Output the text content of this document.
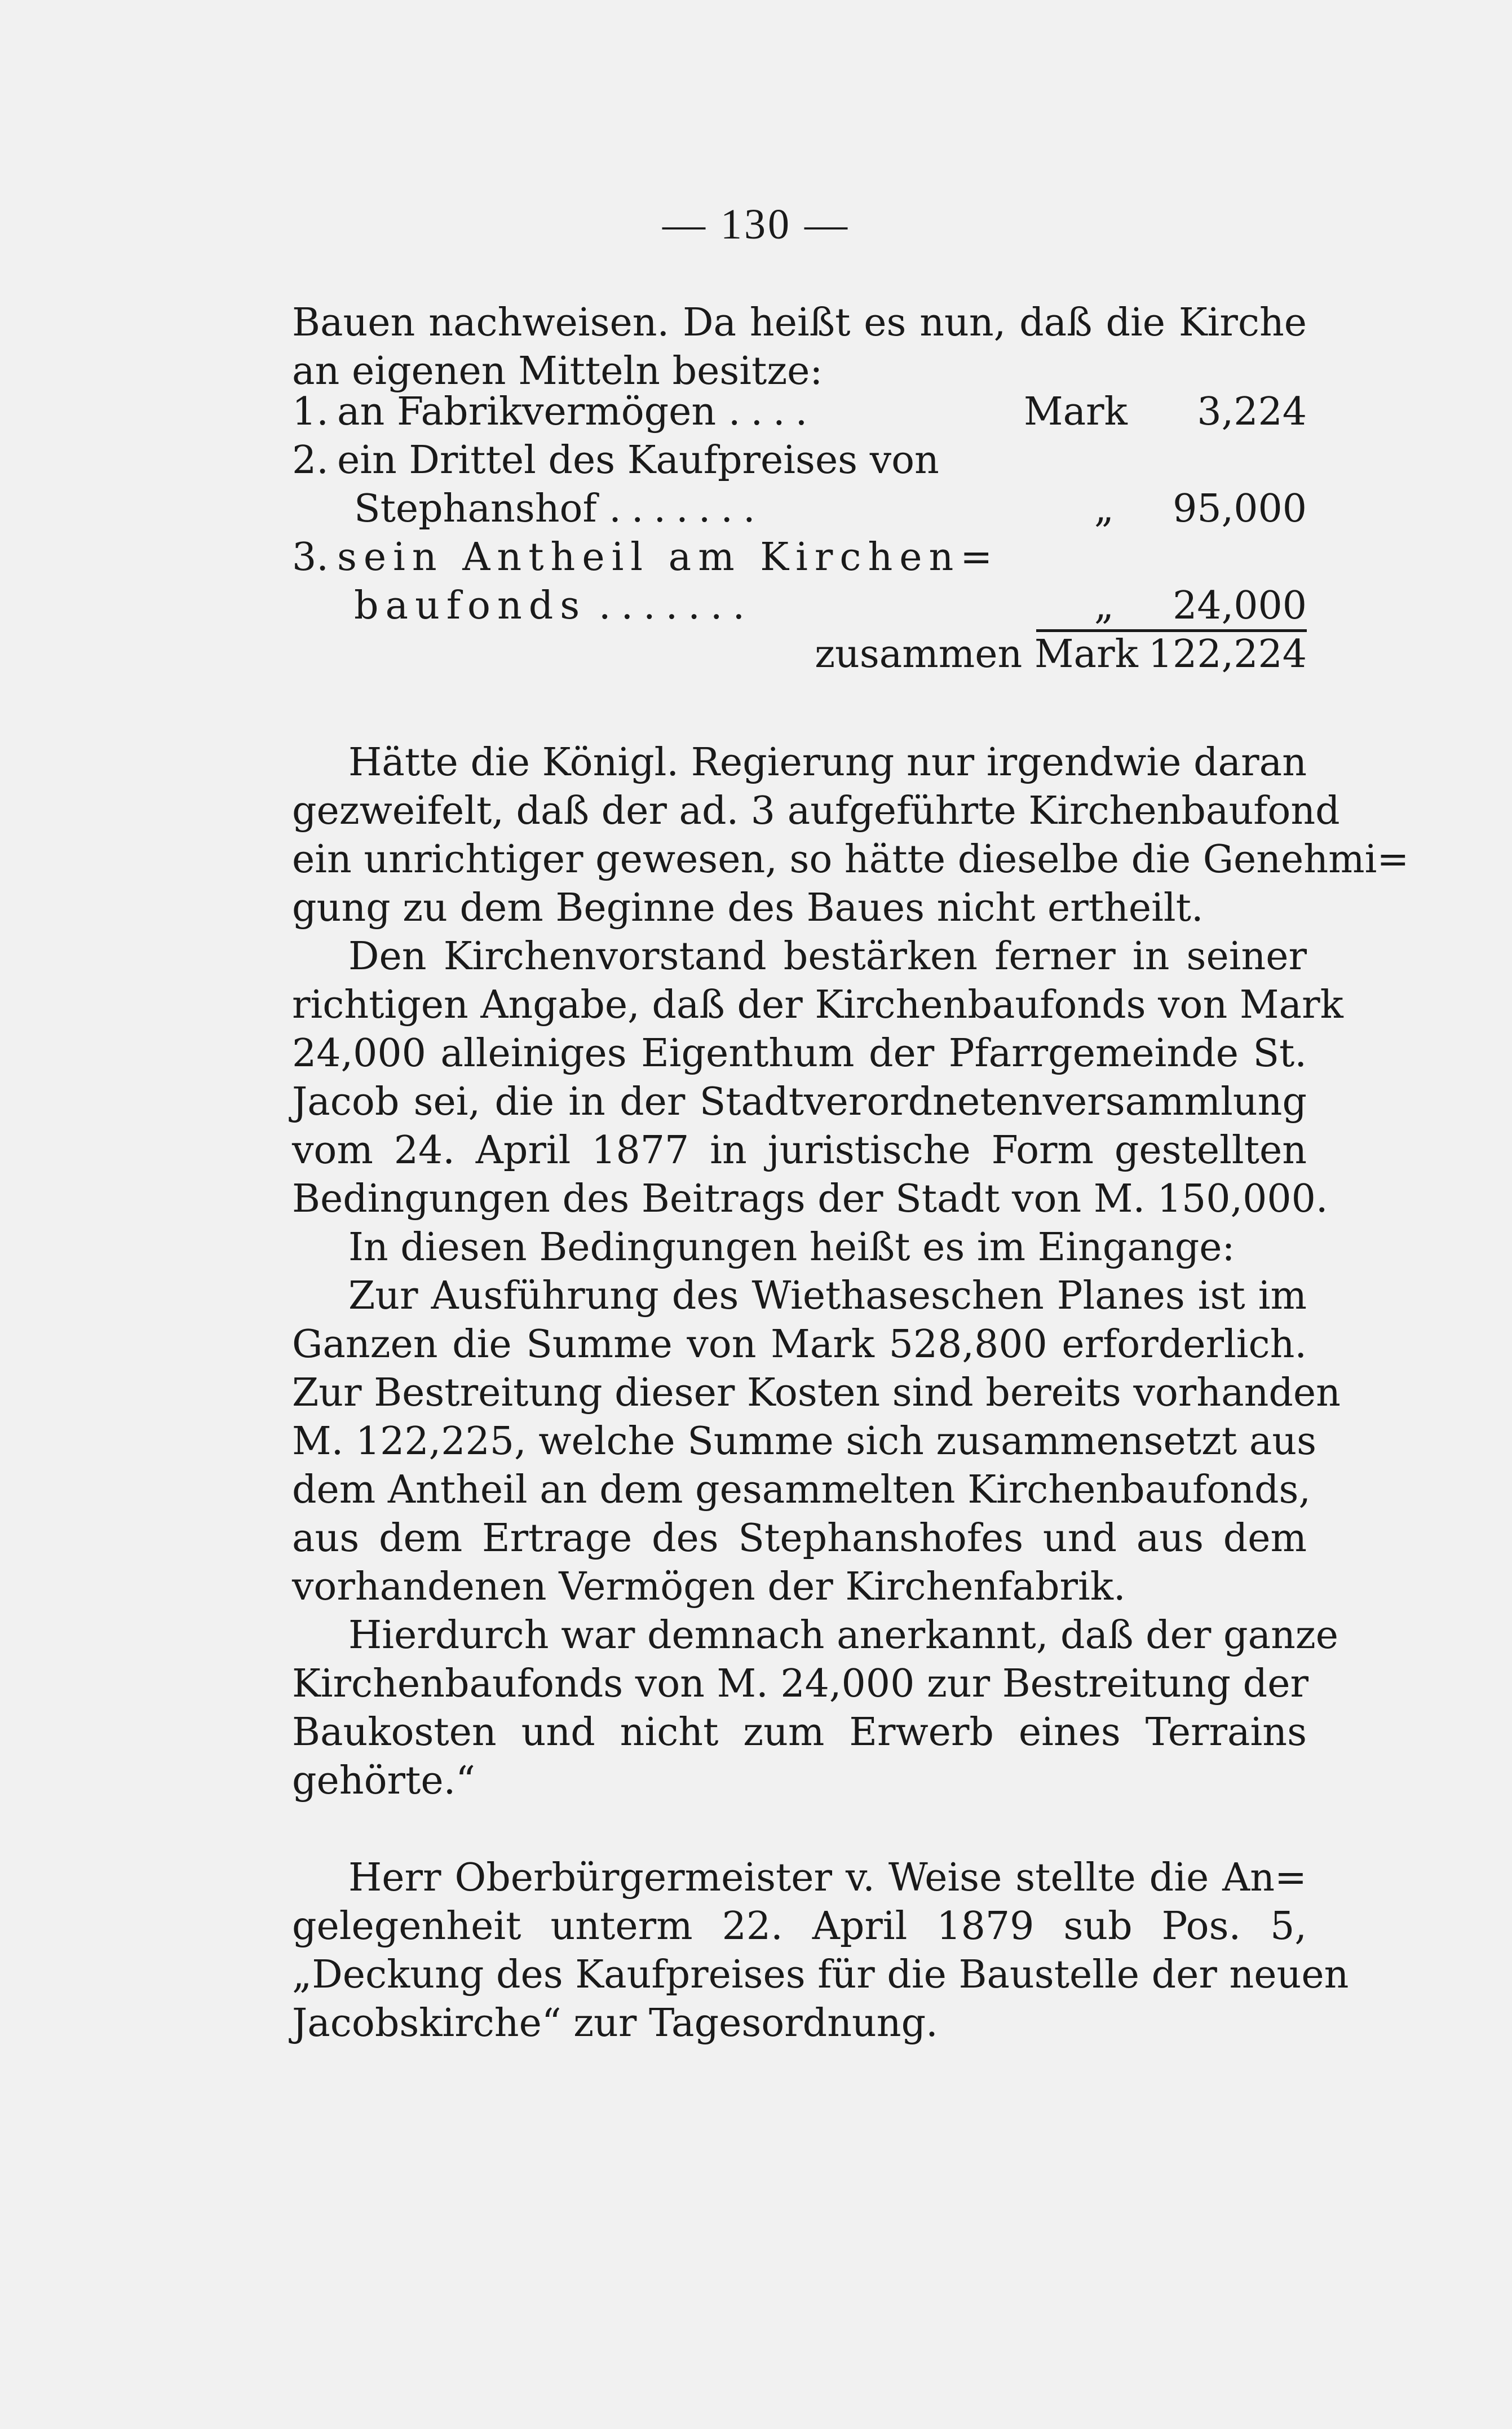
— 130 —
Bauen nachweisen. Da heißt es nun, daß die Kirche
an eigenen Mitteln besitze:
1. an Fabrikvermögen ....	Mark 3,224
2. ein Drittel des Kaufpreises von
Stephanshof .......	„ 95,000
3. sein Antheil am Kirchen=
baufonds .......	„ 24,000
zusammen Mark 122,224
Hätte die Königl. Regierung nur irgendwie daran
gezweifelt, daß der ad. 3 aufgeführte Kirchenbaufond
ein unrichtiger gewesen, so hätte dieselbe die Genehmi=
gung zu dem Beginne des Baues nicht ertheilt.
Den Kirchenvorstand bestärken ferner in seiner
richtigen Angabe, daß der Kirchenbaufonds von Mark
24,000 alleiniges Eigenthum der Pfarrgemeinde St.
Jacob sei, die in der Stadtverordnetenversammlung
vom 24. April 1877 in juristische Form gestellten
Bedingungen des Beitrags der Stadt von M. 150,000.
In diesen Bedingungen heißt es im Eingange:
Zur Ausführung des Wiethaseschen Planes ist im
Ganzen die Summe von Mark 528,800 erforderlich.
Zur Bestreitung dieser Kosten sind bereits vorhanden
M. 122,225, welche Summe sich zusammensetzt aus
dem Antheil an dem gesammelten Kirchenbaufonds,
aus dem Ertrage des Stephanshofes und aus dem
vorhandenen Vermögen der Kirchenfabrik.
Hierdurch war demnach anerkannt, daß der ganze
Kirchenbaufonds von M. 24,000 zur Bestreitung der
Baukosten und nicht zum Erwerb eines Terrains
gehörte.“
Herr Oberbürgermeister v. Weise stellte die An=
gelegenheit unterm 22. April 1879 sub Pos. 5,
„Deckung des Kaufpreises für die Baustelle der neuen
Jacobskirche“ zur Tagesordnung.
